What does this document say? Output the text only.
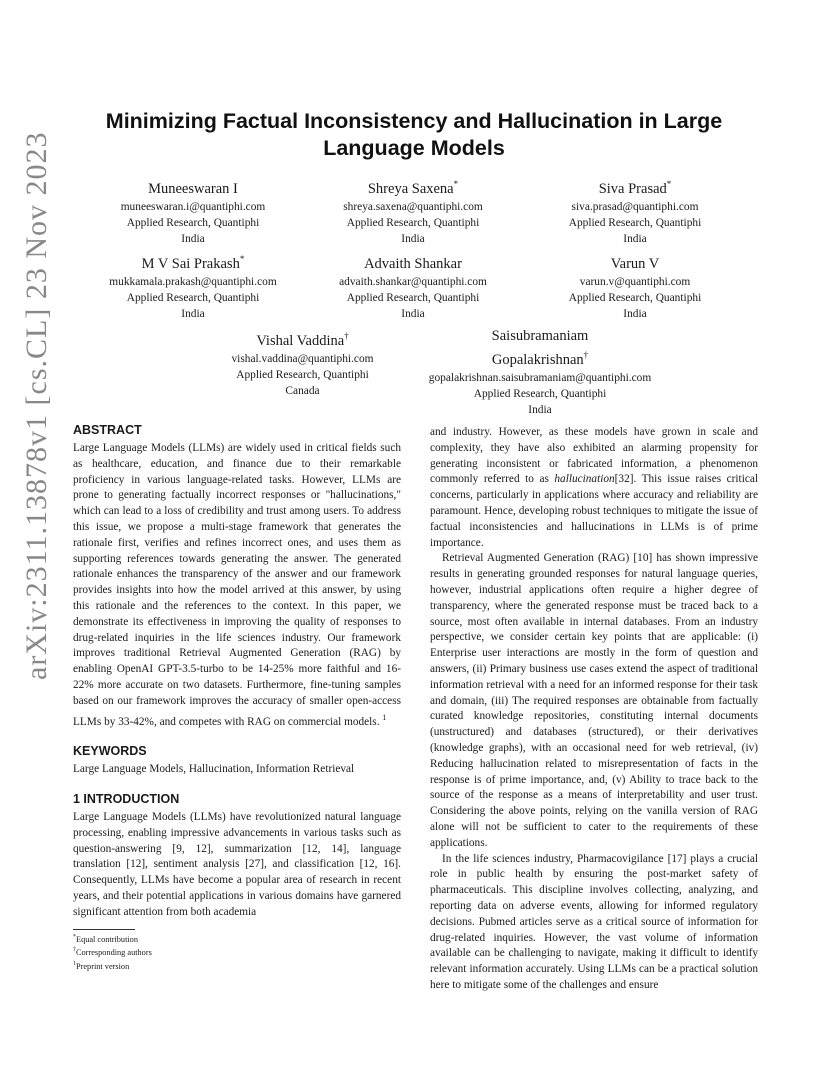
arXiv:2311.13878v1 [cs.CL] 23 Nov 2023
Minimizing Factual Inconsistency and Hallucination in Large
Language Models
Muneeswaran I
muneeswaran.i@quantiphi.com
Applied Research, Quantiphi
India
Shreya Saxena*
shreya.saxena@quantiphi.com
Applied Research, Quantiphi
India
Siva Prasad*
siva.prasad@quantiphi.com
Applied Research, Quantiphi
India
M V Sai Prakash*
mukkamala.prakash@quantiphi.com
Applied Research, Quantiphi
India
Advaith Shankar
advaith.shankar@quantiphi.com
Applied Research, Quantiphi
India
Varun V
varun.v@quantiphi.com
Applied Research, Quantiphi
India
Vishal Vaddina†
vishal.vaddina@quantiphi.com
Applied Research, Quantiphi
Canada
Saisubramaniam
Gopalakrishnan†
gopalakrishnan.saisubramaniam@quantiphi.com
Applied Research, Quantiphi
India
ABSTRACT

Large Language Models (LLMs) are widely used in critical fields such as healthcare, education, and finance due to their remarkable proficiency in various language-related tasks. However, LLMs are prone to generating factually incorrect responses or "hallucinations," which can lead to a loss of credibility and trust among users. To address this issue, we propose a multi-stage framework that generates the rationale first, verifies and refines incorrect ones, and uses them as supporting references towards generating the answer. The generated rationale enhances the transparency of the answer and our framework provides insights into how the model arrived at this answer, by using this rationale and the references to the context. In this paper, we demonstrate its effectiveness in improving the quality of responses to drug-related inquiries in the life sciences industry. Our framework improves traditional Retrieval Augmented Generation (RAG) by enabling OpenAI GPT-3.5-turbo to be 14-25% more faithful and 16-22% more accurate on two datasets. Furthermore, fine-tuning samples based on our framework improves the accuracy of smaller open-access LLMs by 33-42%, and competes with RAG on commercial models. $^1$

KEYWORDS

Large Language Models, Hallucination, Information Retrieval

1 INTRODUCTION

Large Language Models (LLMs) have revolutionized natural language processing, enabling impressive advancements in various tasks such as question-answering [9, 12], summarization [12, 14], language translation [12], sentiment analysis [27], and classification [12, 16]. Consequently, LLMs have become a popular area of research in recent years, and their potential applications in various domains have garnered significant attention from both academia

and industry. However, as these models have grown in scale and complexity, they have also exhibited an alarming propensity for generating inconsistent or fabricated information, a phenomenon commonly referred to as hallucination[32]. This issue raises critical concerns, particularly in applications where accuracy and reliability are paramount. Hence, developing robust techniques to mitigate the issue of factual inconsistencies and hallucinations in LLMs is of prime importance.

Retrieval Augmented Generation (RAG) [10] has shown impressive results in generating grounded responses for natural language queries, however, industrial applications often require a higher degree of transparency, where the generated response must be traced back to a source, most often available in internal databases. From an industry perspective, we consider certain key points that are applicable: (i) Enterprise user interactions are mostly in the form of question and answers, (ii) Primary business use cases extend the aspect of traditional information retrieval with a need for an informed response for their task and domain, (iii) The required responses are obtainable from factually curated knowledge repositories, constituting internal documents (unstructured) and databases (structured), or their derivatives (knowledge graphs), with an occasional need for web retrieval, (iv) Reducing hallucination related to misrepresentation of facts in the response is of prime importance, and, (v) Ability to trace back to the source of the response as a means of interpretability and user trust. Considering the above points, relying on the vanilla version of RAG alone will not be sufficient to cater to the requirements of these applications.

In the life sciences industry, Pharmacovigilance [17] plays a crucial role in public health by ensuring the post-market safety of pharmaceuticals. This discipline involves collecting, analyzing, and reporting data on adverse events, allowing for informed regulatory decisions. Pubmed articles serve as a critical source of information for drug-related inquiries. However, the vast volume of information available can be challenging to navigate, making it difficult to identify relevant information accurately. Using LLMs can be a practical solution here to mitigate some of the challenges and ensure

*Equal contribution
†Corresponding authors
$^1$Preprint version
